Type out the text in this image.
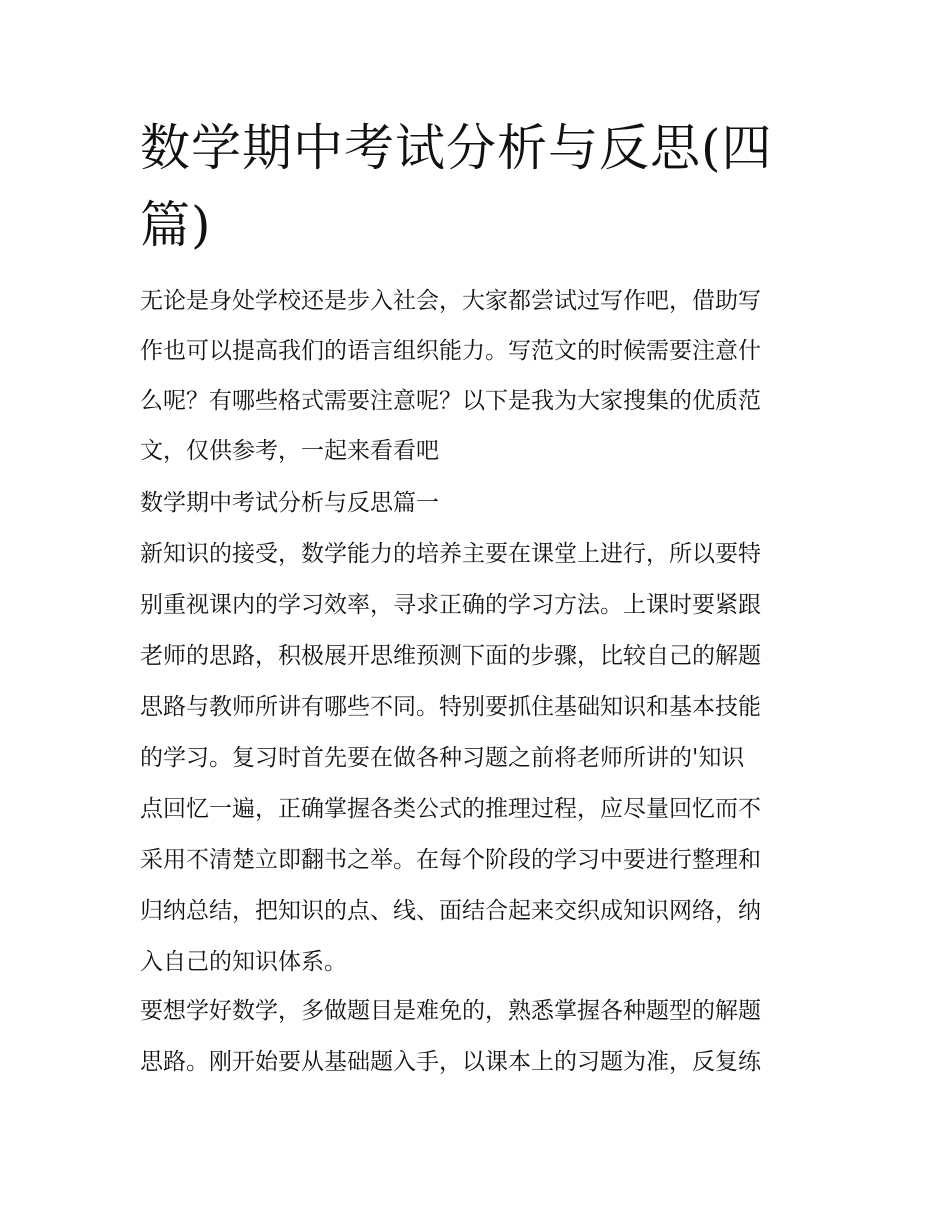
数学期中考试分析与反思(四
篇)

无论是身处学校还是步入社会，大家都尝试过写作吧，借助写

作也可以提高我们的语言组织能力。写范文的时候需要注意什

么呢？有哪些格式需要注意呢？以下是我为大家搜集的优质范

文，仅供参考，一起来看看吧

数学期中考试分析与反思篇一

新知识的接受，数学能力的培养主要在课堂上进行，所以要特

别重视课内的学习效率，寻求正确的学习方法。上课时要紧跟

老师的思路，积极展开思维预测下面的步骤，比较自己的解题

思路与教师所讲有哪些不同。特别要抓住基础知识和基本技能

的学习。复习时首先要在做各种习题之前将老师所讲的'知识

点回忆一遍，正确掌握各类公式的推理过程，应尽量回忆而不

采用不清楚立即翻书之举。在每个阶段的学习中要进行整理和

归纳总结，把知识的点、线、面结合起来交织成知识网络，纳

入自己的知识体系。

要想学好数学，多做题目是难免的，熟悉掌握各种题型的解题

思路。刚开始要从基础题入手，以课本上的习题为准，反复练
